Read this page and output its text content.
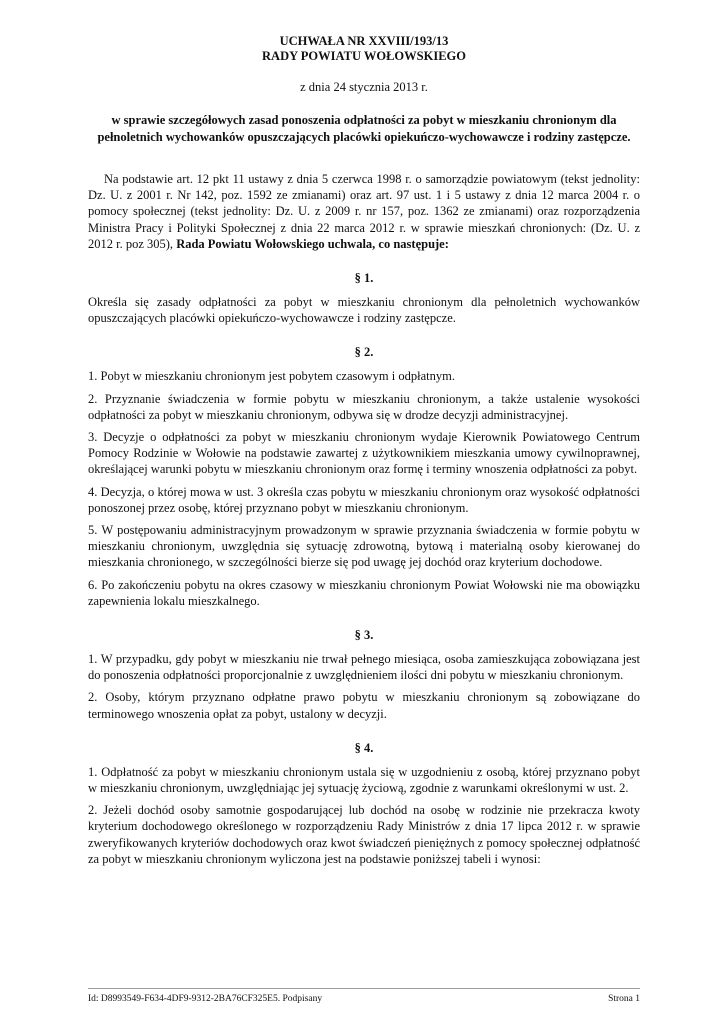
UCHWAŁA NR XXVIII/193/13

RADY POWIATU WOŁOWSKIEGO

z dnia 24 stycznia 2013 r.

w sprawie szczegółowych zasad ponoszenia odpłatności za pobyt w mieszkaniu chronionym dla pełnoletnich wychowanków opuszczających placówki opiekuńczo-wychowawcze i rodziny zastępcze.

Na podstawie art. 12 pkt 11 ustawy z dnia 5 czerwca 1998 r. o samorządzie powiatowym (tekst jednolity: Dz. U. z 2001 r. Nr 142, poz. 1592 ze zmianami) oraz art. 97 ust. 1 i 5 ustawy z dnia 12 marca 2004 r. o pomocy społecznej (tekst jednolity: Dz. U. z 2009 r. nr 157, poz. 1362 ze zmianami) oraz rozporządzenia Ministra Pracy i Polityki Społecznej z dnia 22 marca 2012 r. w sprawie mieszkań chronionych: (Dz. U. z 2012 r. poz 305), Rada Powiatu Wołowskiego uchwala, co następuje:

§ 1.

Określa się zasady odpłatności za pobyt w mieszkaniu chronionym dla pełnoletnich wychowanków opuszczających placówki opiekuńczo-wychowawcze i rodziny zastępcze.

§ 2.

1. Pobyt w mieszkaniu chronionym jest pobytem czasowym i odpłatnym.

2. Przyznanie świadczenia w formie pobytu w mieszkaniu chronionym, a także ustalenie wysokości odpłatności za pobyt w mieszkaniu chronionym, odbywa się w drodze decyzji administracyjnej.

3. Decyzje o odpłatności za pobyt w mieszkaniu chronionym wydaje Kierownik Powiatowego Centrum Pomocy Rodzinie w Wołowie na podstawie zawartej z użytkownikiem mieszkania umowy cywilnoprawnej, określającej warunki pobytu w mieszkaniu chronionym oraz formę i terminy wnoszenia odpłatności za pobyt.

4. Decyzja, o której mowa w ust. 3 określa czas pobytu w mieszkaniu chronionym oraz wysokość odpłatności ponoszonej przez osobę, której przyznano pobyt w mieszkaniu chronionym.

5. W postępowaniu administracyjnym prowadzonym w sprawie przyznania świadczenia w formie pobytu w mieszkaniu chronionym, uwzględnia się sytuację zdrowotną, bytową i materialną osoby kierowanej do mieszkania chronionego, w szczególności bierze się pod uwagę jej dochód oraz kryterium dochodowe.

6. Po zakończeniu pobytu na okres czasowy w mieszkaniu chronionym Powiat Wołowski nie ma obowiązku zapewnienia lokalu mieszkalnego.

§ 3.

1. W przypadku, gdy pobyt w mieszkaniu nie trwał pełnego miesiąca, osoba zamieszkująca zobowiązana jest do ponoszenia odpłatności proporcjonalnie z uwzględnieniem ilości dni pobytu w mieszkaniu chronionym.

2. Osoby, którym przyznano odpłatne prawo pobytu w mieszkaniu chronionym są zobowiązane do terminowego wnoszenia opłat za pobyt, ustalony w decyzji.

§ 4.

1. Odpłatność za pobyt w mieszkaniu chronionym ustala się w uzgodnieniu z osobą, której przyznano pobyt w mieszkaniu chronionym, uwzględniając jej sytuację życiową, zgodnie z warunkami określonymi w ust. 2.

2. Jeżeli dochód osoby samotnie gospodarującej lub dochód na osobę w rodzinie nie przekracza kwoty kryterium dochodowego określonego w rozporządzeniu Rady Ministrów z dnia 17 lipca 2012 r. w sprawie zweryfikowanych kryteriów dochodowych oraz kwot świadczeń pieniężnych z pomocy społecznej odpłatność za pobyt w mieszkaniu chronionym wyliczona jest na podstawie poniższej tabeli i wynosi:

Id: D8993549-F634-4DF9-9312-2BA76CF325E5. Podpisany	Strona 1
